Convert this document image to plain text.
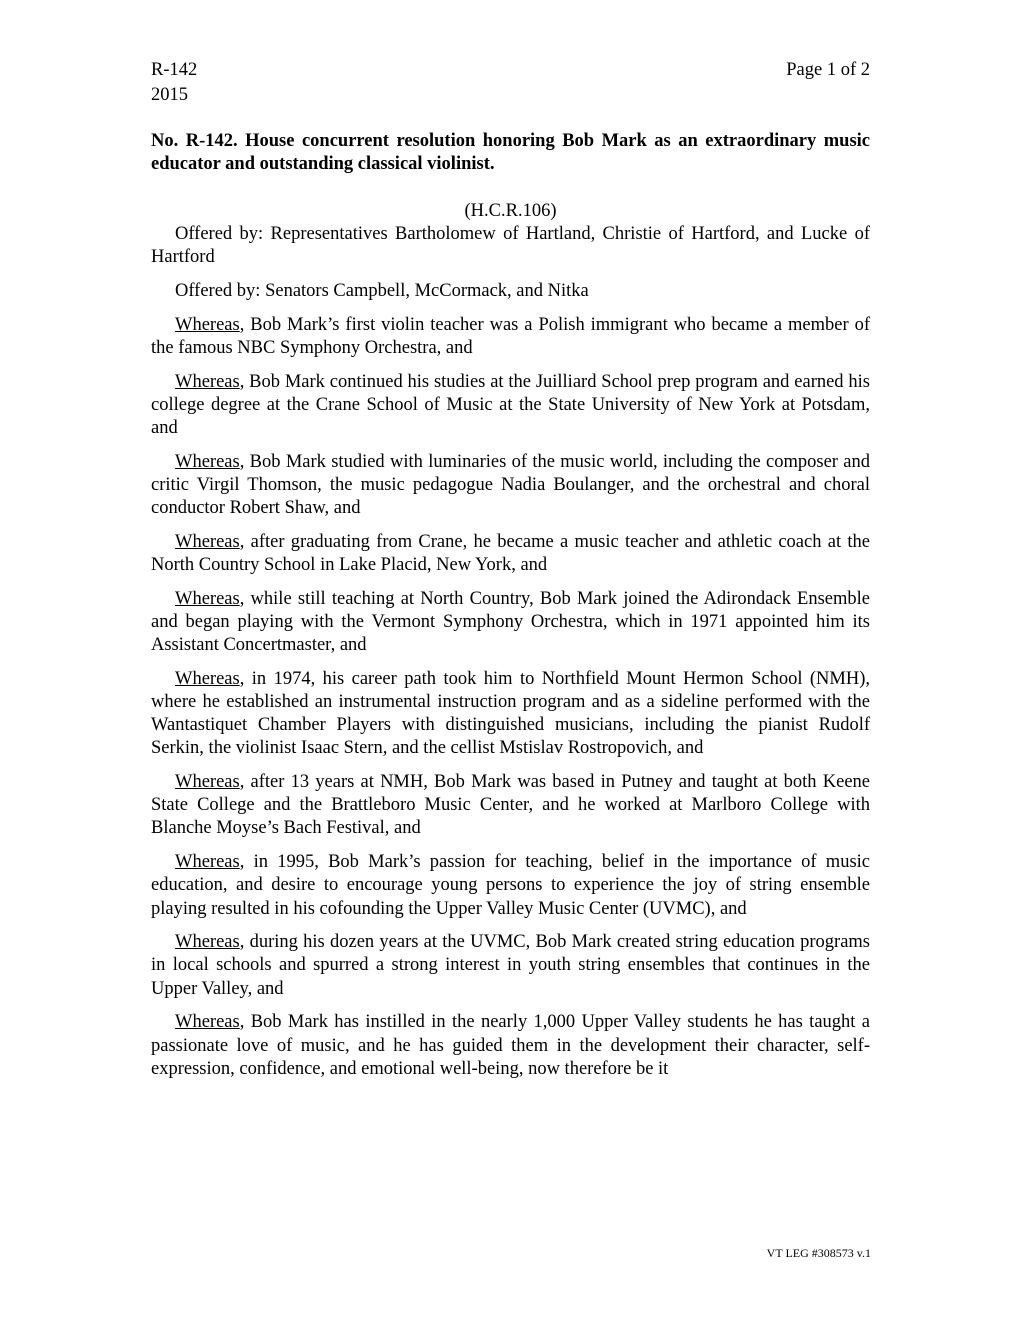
R-142	Page 1 of 2
2015
No. R-142. House concurrent resolution honoring Bob Mark as an extraordinary music educator and outstanding classical violinist.
(H.C.R.106)

Offered by: Representatives Bartholomew of Hartland, Christie of Hartford, and Lucke of Hartford

Offered by: Senators Campbell, McCormack, and Nitka

Whereas, Bob Mark’s first violin teacher was a Polish immigrant who became a member of the famous NBC Symphony Orchestra, and

Whereas, Bob Mark continued his studies at the Juilliard School prep program and earned his college degree at the Crane School of Music at the State University of New York at Potsdam, and

Whereas, Bob Mark studied with luminaries of the music world, including the composer and critic Virgil Thomson, the music pedagogue Nadia Boulanger, and the orchestral and choral conductor Robert Shaw, and

Whereas, after graduating from Crane, he became a music teacher and athletic coach at the North Country School in Lake Placid, New York, and

Whereas, while still teaching at North Country, Bob Mark joined the Adirondack Ensemble and began playing with the Vermont Symphony Orchestra, which in 1971 appointed him its Assistant Concertmaster, and

Whereas, in 1974, his career path took him to Northfield Mount Hermon School (NMH), where he established an instrumental instruction program and as a sideline performed with the Wantastiquet Chamber Players with distinguished musicians, including the pianist Rudolf Serkin, the violinist Isaac Stern, and the cellist Mstislav Rostropovich, and

Whereas, after 13 years at NMH, Bob Mark was based in Putney and taught at both Keene State College and the Brattleboro Music Center, and he worked at Marlboro College with Blanche Moyse’s Bach Festival, and

Whereas, in 1995, Bob Mark’s passion for teaching, belief in the importance of music education, and desire to encourage young persons to experience the joy of string ensemble playing resulted in his cofounding the Upper Valley Music Center (UVMC), and

Whereas, during his dozen years at the UVMC, Bob Mark created string education programs in local schools and spurred a strong interest in youth string ensembles that continues in the Upper Valley, and

Whereas, Bob Mark has instilled in the nearly 1,000 Upper Valley students he has taught a passionate love of music, and he has guided them in the development their character, self-expression, confidence, and emotional well-being, now therefore be it

VT LEG #308573 v.1
